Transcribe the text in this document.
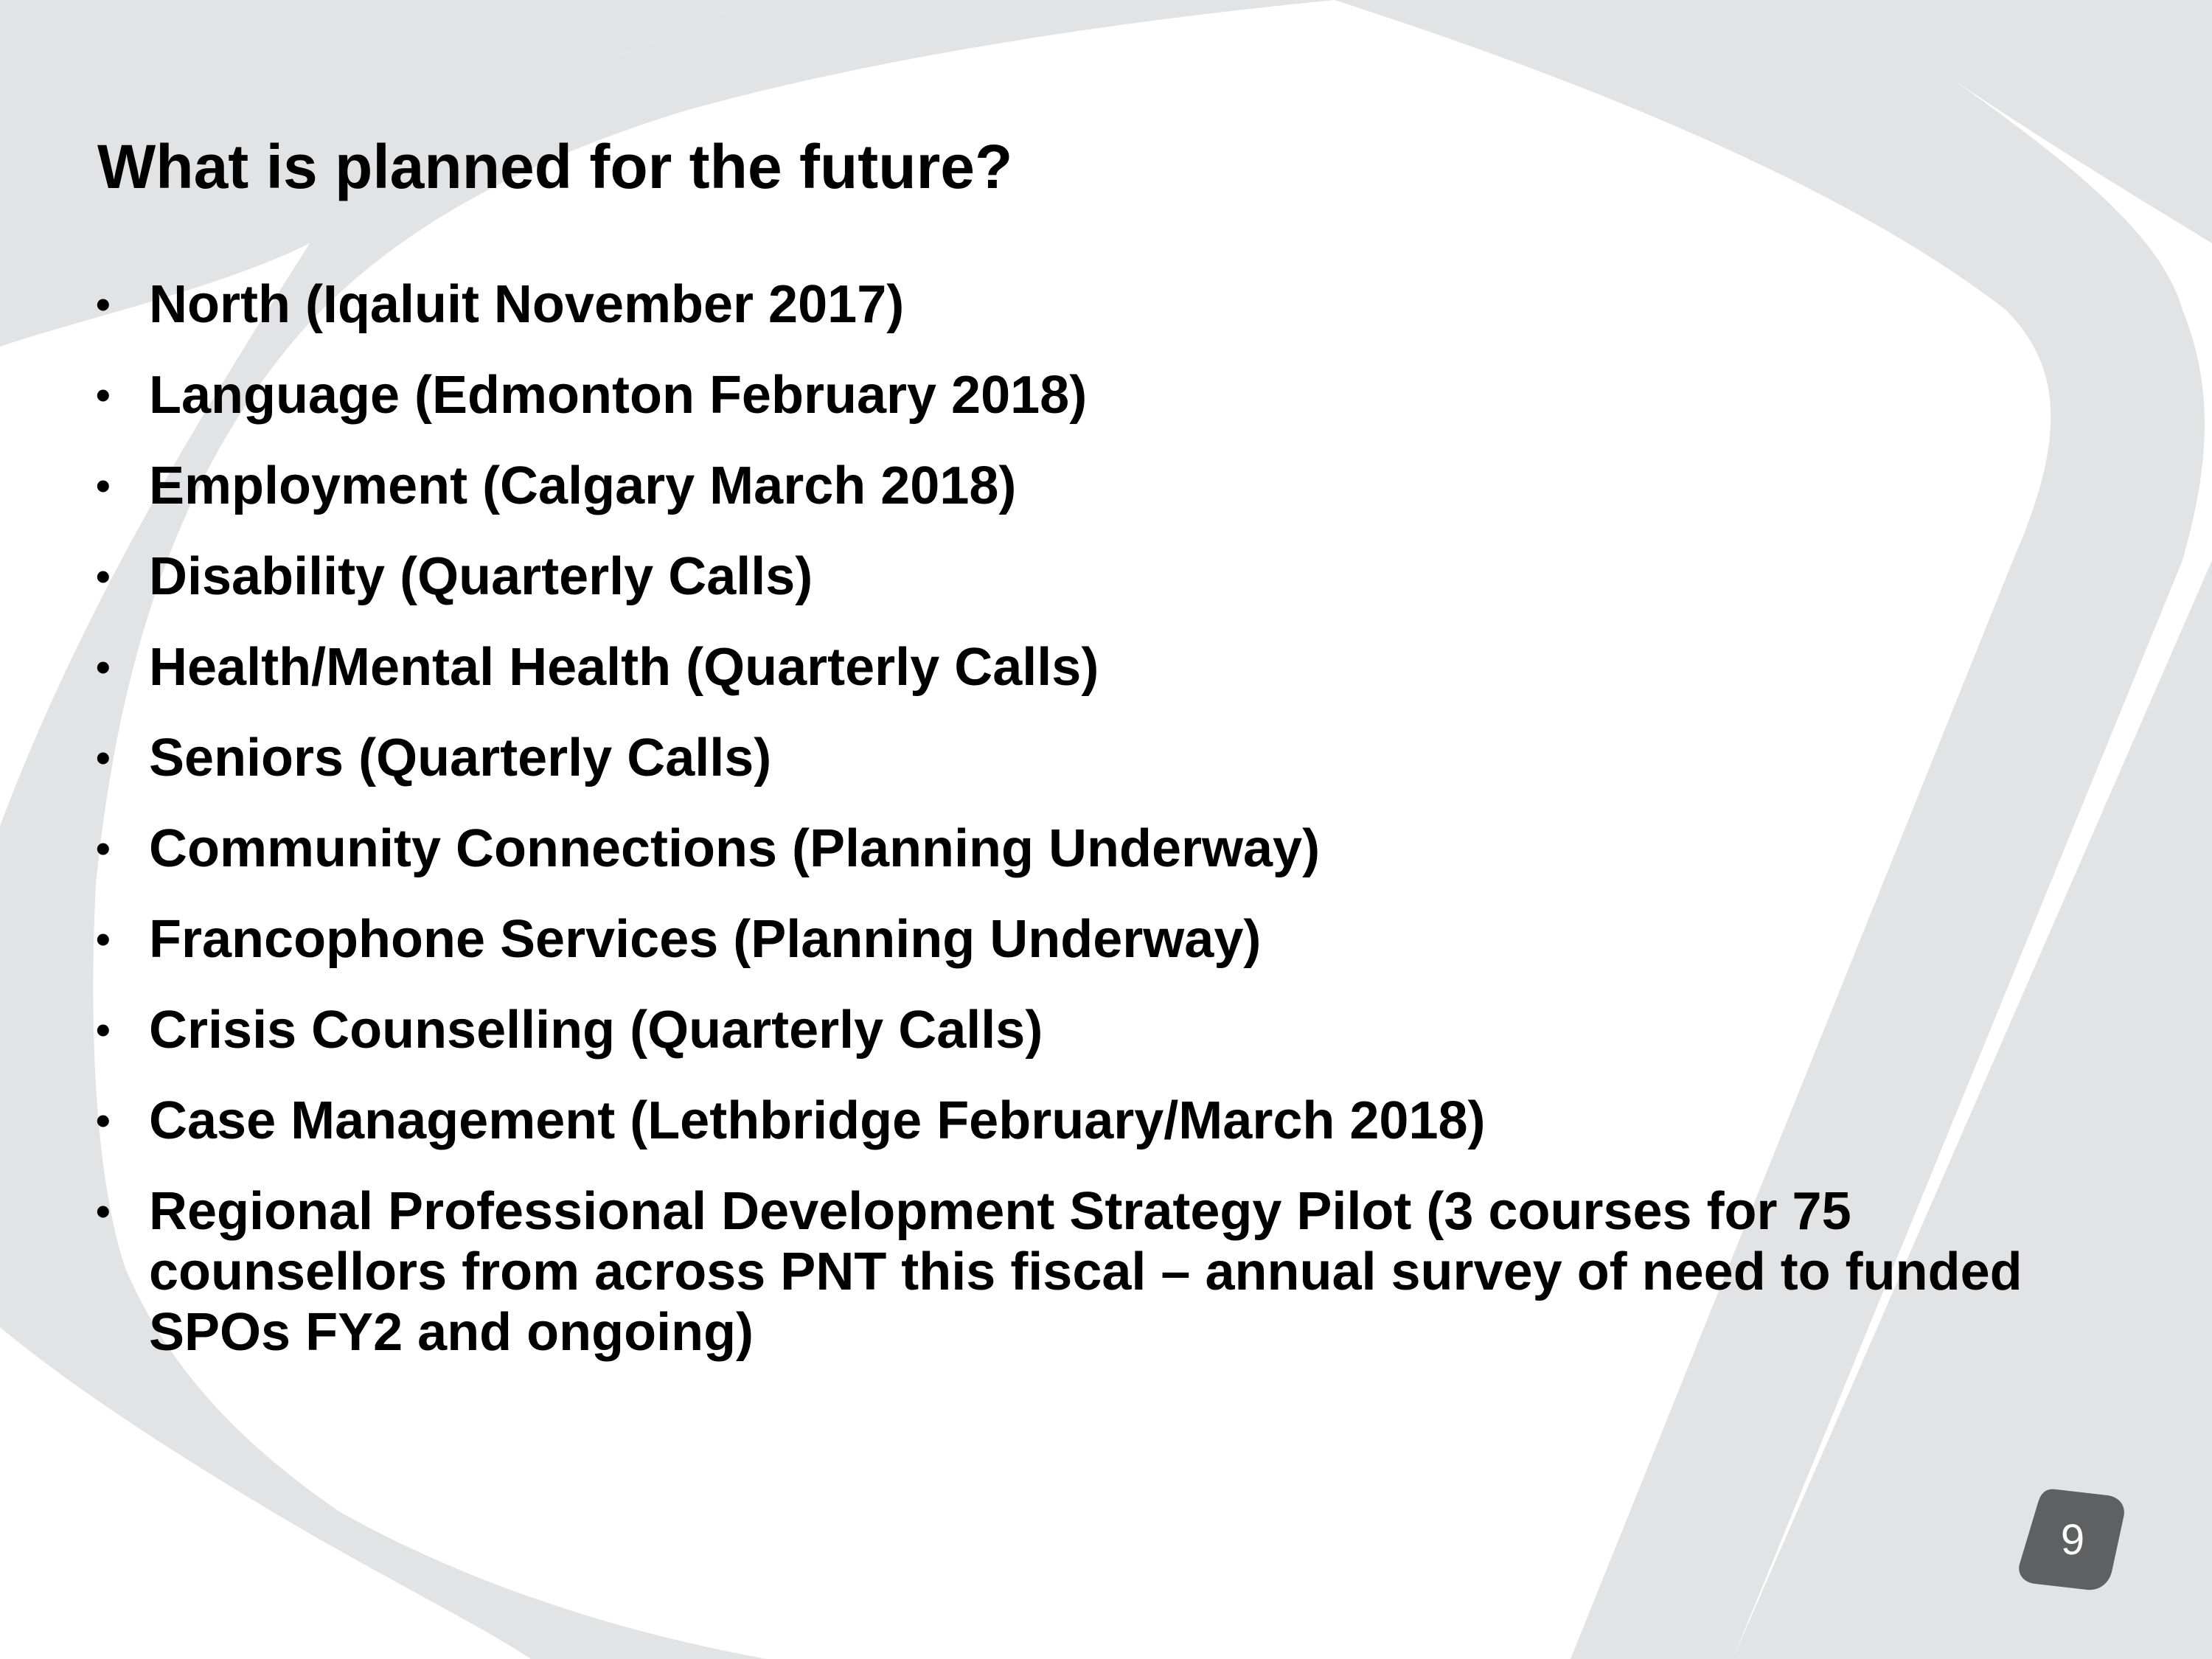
What is planned for the future?
• North (Iqaluit November 2017)
• Language (Edmonton February 2018)
• Employment (Calgary March 2018)
• Disability (Quarterly Calls)
• Health/Mental Health (Quarterly Calls)
• Seniors (Quarterly Calls)
• Community Connections (Planning Underway)
• Francophone Services (Planning Underway)
• Crisis Counselling (Quarterly Calls)
• Case Management (Lethbridge February/March 2018)
• Regional Professional Development Strategy Pilot (3 courses for 75 counsellors from across PNT this fiscal – annual survey of need to funded SPOs FY2 and ongoing)
9
